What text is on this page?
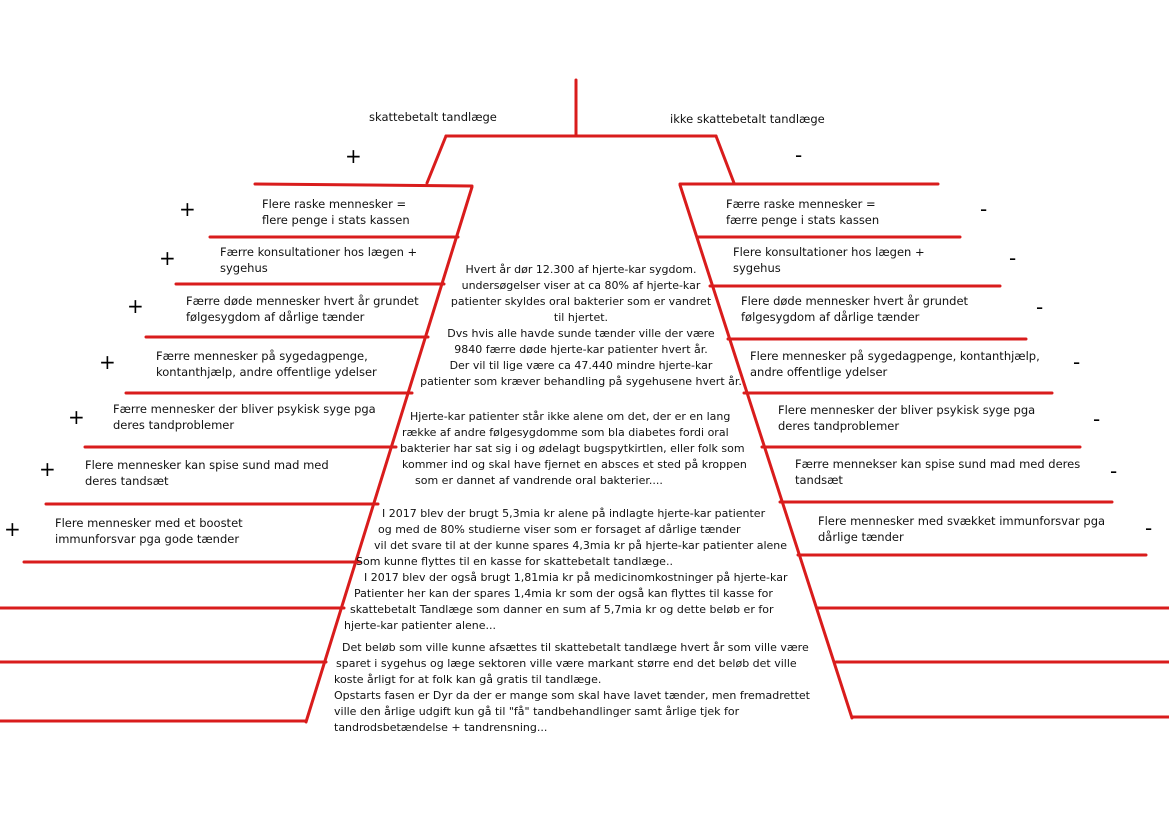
skattebetalt tandlæge	ikke skattebetalt tandlæge
+	-
+	Flere raske mennesker =
flere penge i stats kassen
+	Færre konsultationer hos lægen +
sygehus
+	Færre døde mennesker hvert år grundet
følgesygdom af dårlige tænder
+	Færre mennesker på sygedagpenge,
kontanthjælp, andre offentlige ydelser
+ Færre mennesker der bliver psykisk syge pga
deres tandproblemer
+	Flere mennesker kan spise sund mad med
deres tandsæt
+	Flere mennesker med et boostet
immunforsvar pga gode tænder
Færre raske mennesker =
færre penge i stats kassen	-
Flere konsultationer hos lægen +
sygehus	-
Flere døde mennesker hvert år grundet
følgesygdom af dårlige tænder	-
Flere mennesker på sygedagpenge, kontanthjælp,
andre offentlige ydelser	-
Flere mennesker der bliver psykisk syge pga
deres tandproblemer	-
Færre mennekser kan spise sund mad med deres
tandsæt	-
Flere mennesker med svækket immunforsvar pga
dårlige tænder	-
Hvert år dør 12.300 af hjerte-kar sygdom.
undersøgelser viser at ca 80% af hjerte-kar
patienter skyldes oral bakterier som er vandret
til hjertet.
Dvs hvis alle havde sunde tænder ville der være
9840 færre døde hjerte-kar patienter hvert år.
Der vil til lige være ca 47.440 mindre hjerte-kar
patienter som kræver behandling på sygehusene hvert år.
Hjerte-kar patienter står ikke alene om det, der er en lang
række af andre følgesygdomme som bla diabetes fordi oral
bakterier har sat sig i og ødelagt bugspytkirtlen, eller folk som
kommer ind og skal have fjernet en absces et sted på kroppen
som er dannet af vandrende oral bakterier....
I 2017 blev der brugt 5,3mia kr alene på indlagte hjerte-kar patienter
og med de 80% studierne viser som er forsaget af dårlige tænder
vil det svare til at der kunne spares 4,3mia kr på hjerte-kar patienter alene
Som kunne flyttes til en kasse for skattebetalt tandlæge..
I 2017 blev der også brugt 1,81mia kr på medicinomkostninger på hjerte-kar
Patienter her kan der spares 1,4mia kr som der også kan flyttes til kasse for
skattebetalt Tandlæge som danner en sum af 5,7mia kr og dette beløb er for
hjerte-kar patienter alene...
Det beløb som ville kunne afsættes til skattebetalt tandlæge hvert år som ville være
sparet i sygehus og læge sektoren ville være markant større end det beløb det ville
koste årligt for at folk kan gå gratis til tandlæge.
Opstarts fasen er Dyr da der er mange som skal have lavet tænder, men fremadrettet
ville den årlige udgift kun gå til "få" tandbehandlinger samt årlige tjek for
tandrodsbetændelse + tandrensning...
